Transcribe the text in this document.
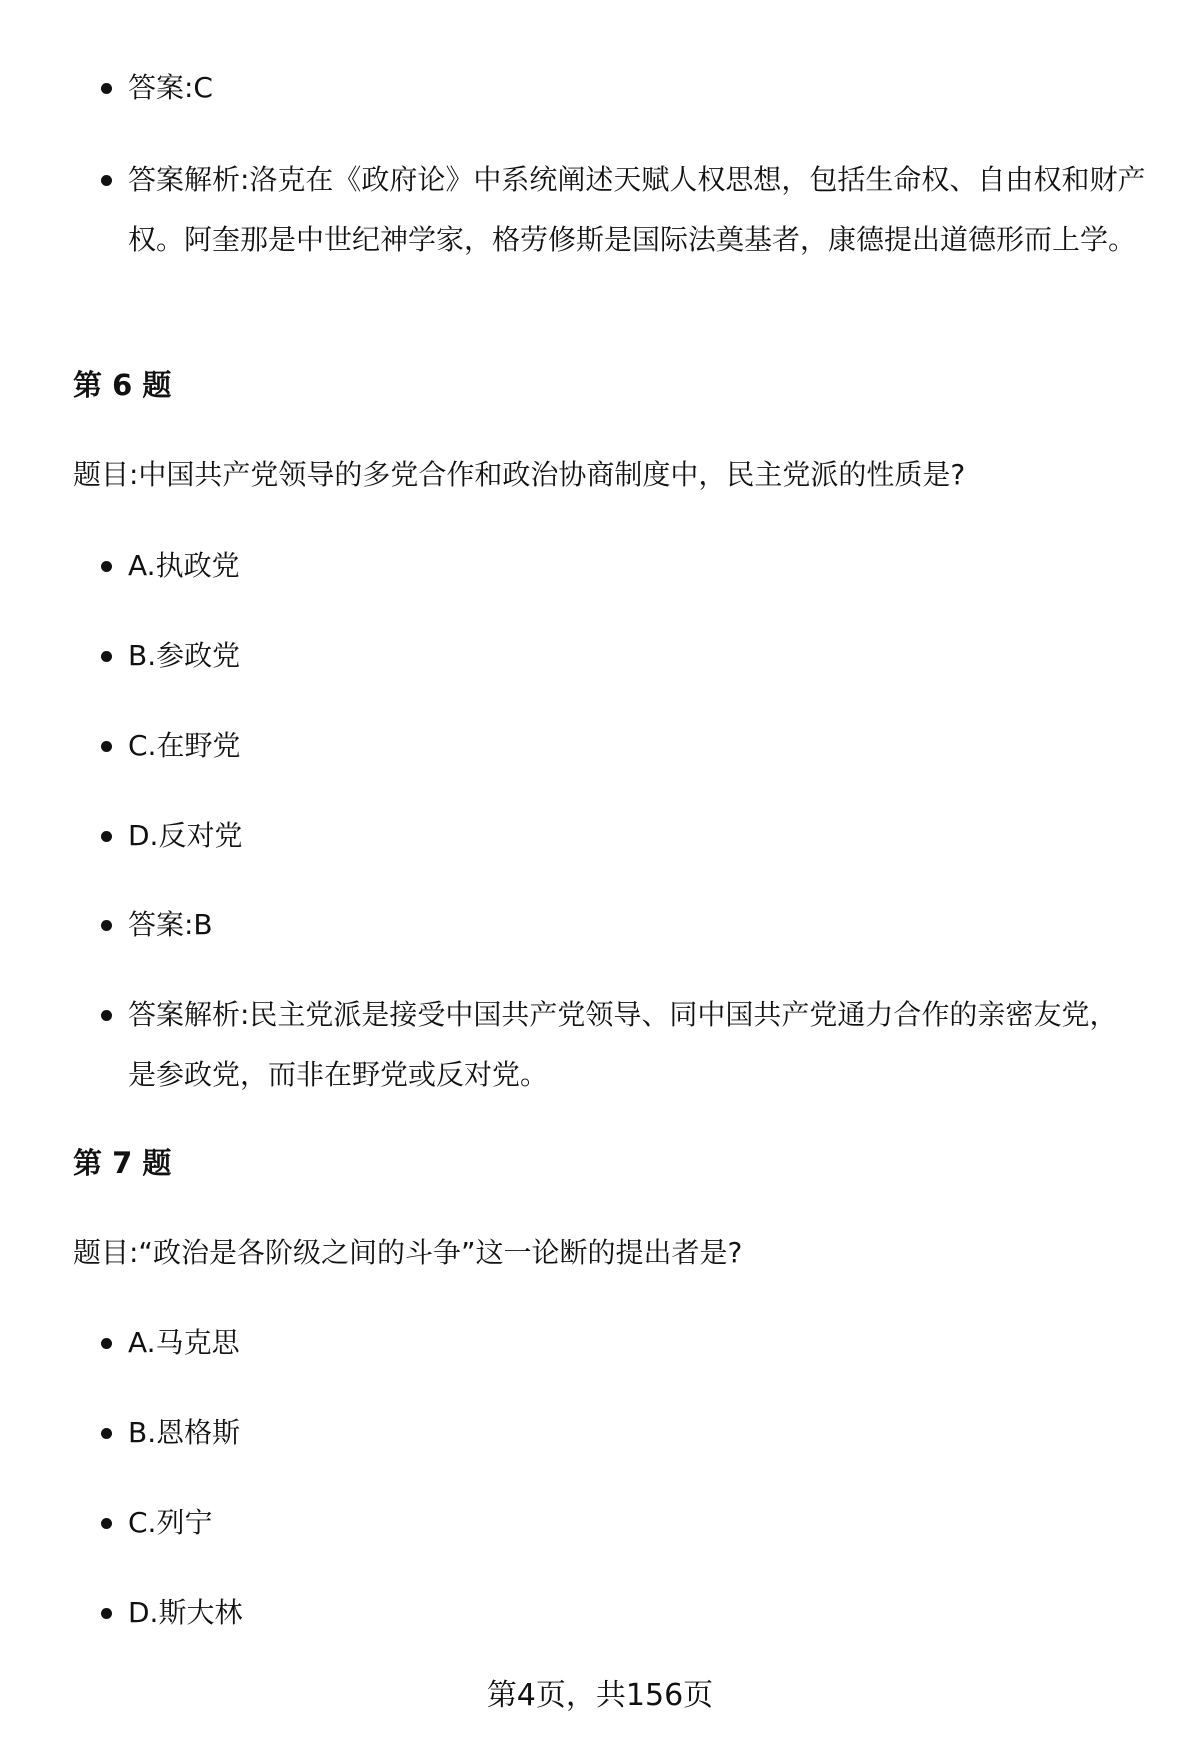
答案:C
答案解析:洛克在《政府论》中系统阐述天赋人权思想，包括生命权、自由权和财产权。阿奎那是中世纪神学家，格劳修斯是国际法奠基者，康德提出道德形而上学。
第 6 题

题目:中国共产党领导的多党合作和政治协商制度中，民主党派的性质是?

A.执政党
B.参政党
C.在野党
D.反对党
答案:B
答案解析:民主党派是接受中国共产党领导、同中国共产党通力合作的亲密友党，是参政党，而非在野党或反对党。
第 7 题

题目:“政治是各阶级之间的斗争”这一论断的提出者是?

A.马克思
B.恩格斯
C.列宁
D.斯大林
第4页，共156页
